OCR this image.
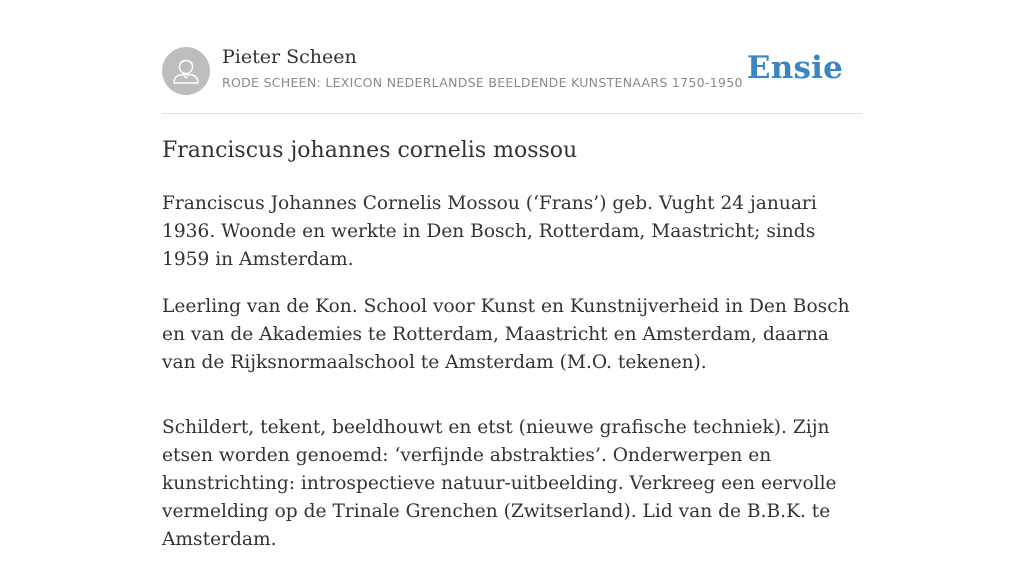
Pieter Scheen
RODE SCHEEN: LEXICON NEDERLANDSE BEELDENDE KUNSTENAARS 1750-1950 Ensie
Franciscus johannes cornelis mossou

Franciscus Johannes Cornelis Mossou (‘Frans’) geb. Vught 24 januari 1936. Woonde en werkte in Den Bosch, Rotterdam, Maastricht; sinds 1959 in Amsterdam.

Leerling van de Kon. School voor Kunst en Kunstnijverheid in Den Bosch en van de Akademies te Rotterdam, Maastricht en Amsterdam, daarna van de Rijksnormaalschool te Amsterdam (M.O. tekenen).

Schildert, tekent, beeldhouwt en etst (nieuwe grafische techniek). Zijn etsen worden genoemd: ‘verfijnde abstrakties’. Onderwerpen en kunstrichting: introspectieve natuur-uitbeelding. Verkreeg een eervolle vermelding op de Trinale Grenchen (Zwitserland). Lid van de B.B.K. te Amsterdam.
